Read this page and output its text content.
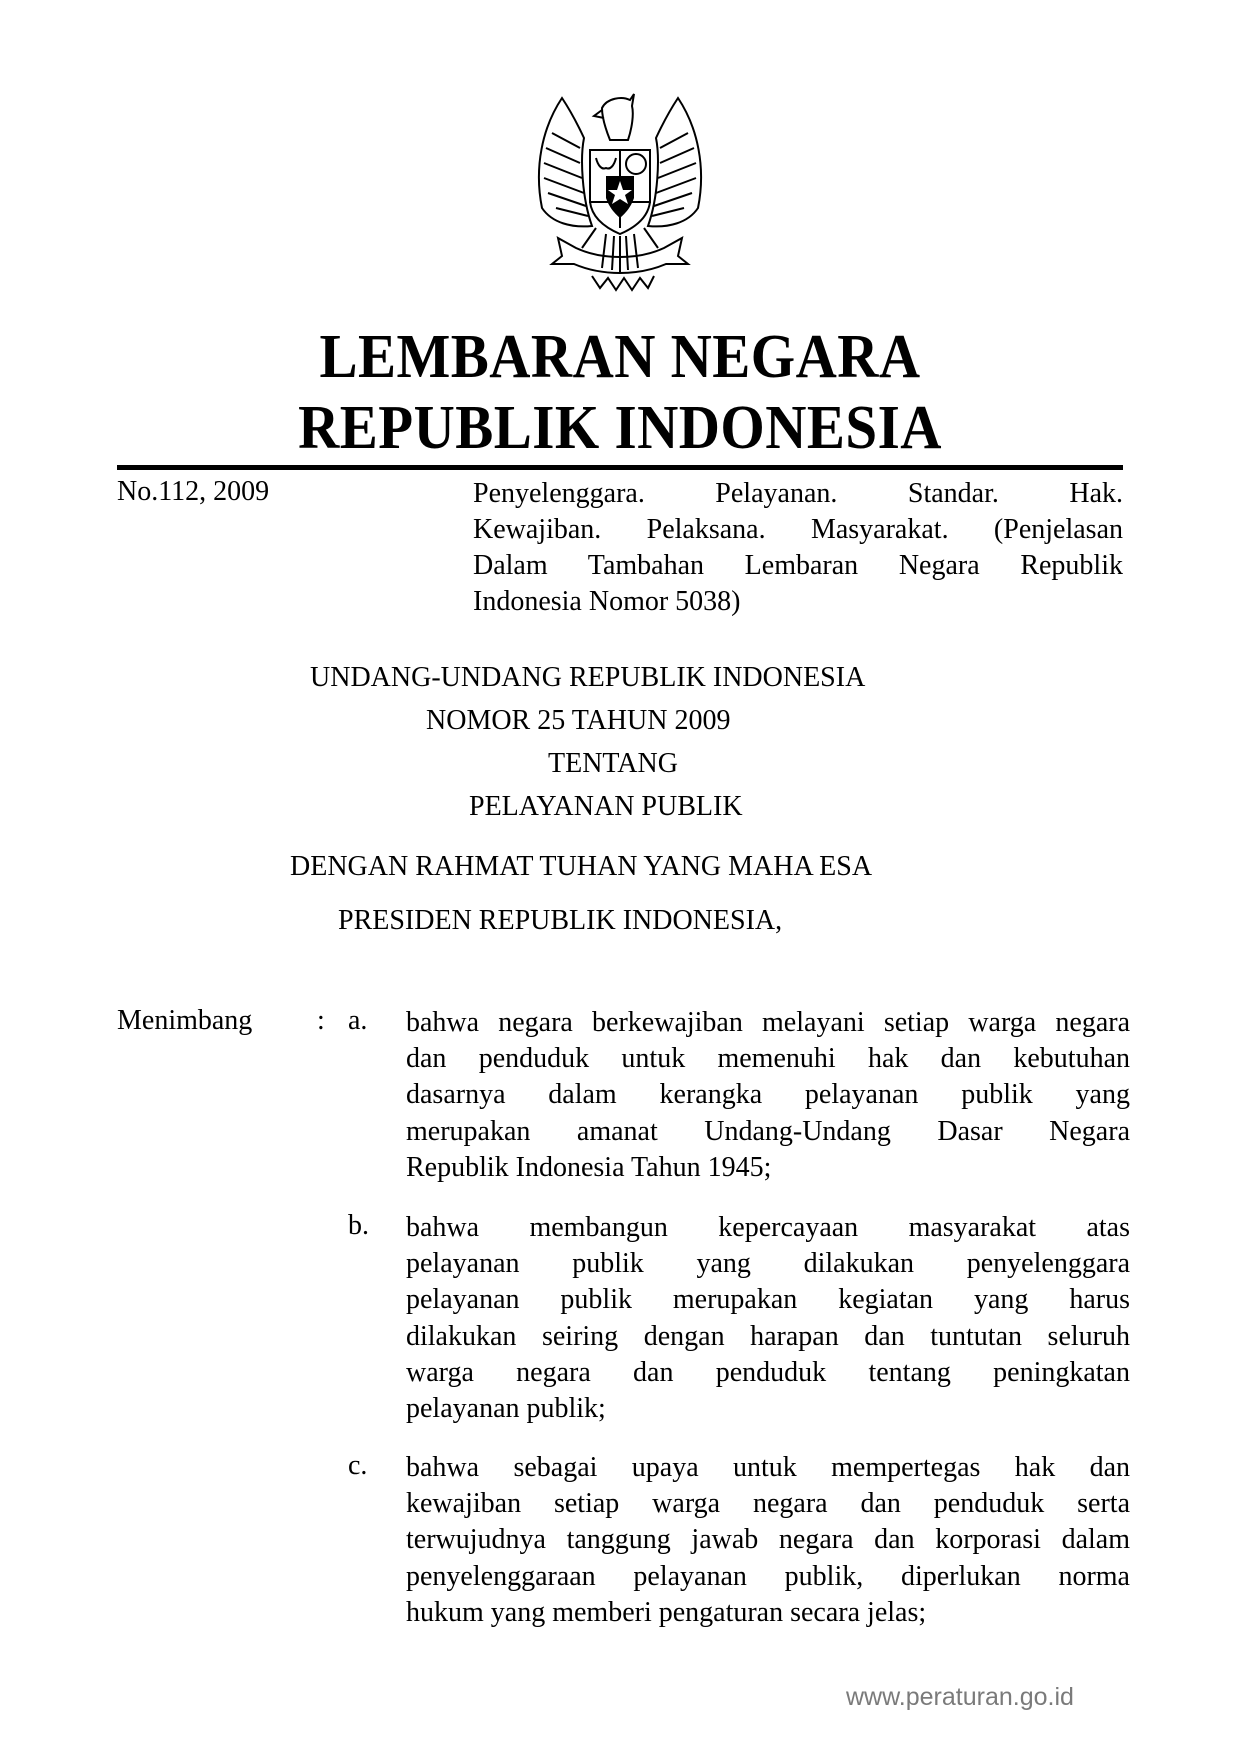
LEMBARAN NEGARA
REPUBLIK INDONESIA
No.112, 2009	Penyelenggara. Pelayanan. Standar. Hak.
Kewajiban. Pelaksana. Masyarakat. (Penjelasan
Dalam Tambahan Lembaran Negara Republik
Indonesia Nomor 5038)
UNDANG-UNDANG REPUBLIK INDONESIA
NOMOR 25 TAHUN 2009
TENTANG
PELAYANAN PUBLIK
DENGAN RAHMAT TUHAN YANG MAHA ESA
PRESIDEN REPUBLIK INDONESIA,
Menimbang : a. bahwa negara berkewajiban melayani setiap warga negara
dan penduduk untuk memenuhi hak dan kebutuhan
dasarnya dalam kerangka pelayanan publik yang
merupakan amanat Undang-Undang Dasar Negara
Republik Indonesia Tahun 1945;
b. bahwa membangun kepercayaan masyarakat atas
pelayanan publik yang dilakukan penyelenggara
pelayanan publik merupakan kegiatan yang harus
dilakukan seiring dengan harapan dan tuntutan seluruh
warga negara dan penduduk tentang peningkatan
pelayanan publik;
c. bahwa sebagai upaya untuk mempertegas hak dan
kewajiban setiap warga negara dan penduduk serta
terwujudnya tanggung jawab negara dan korporasi dalam
penyelenggaraan pelayanan publik, diperlukan norma
hukum yang memberi pengaturan secara jelas;
www.peraturan.go.id
